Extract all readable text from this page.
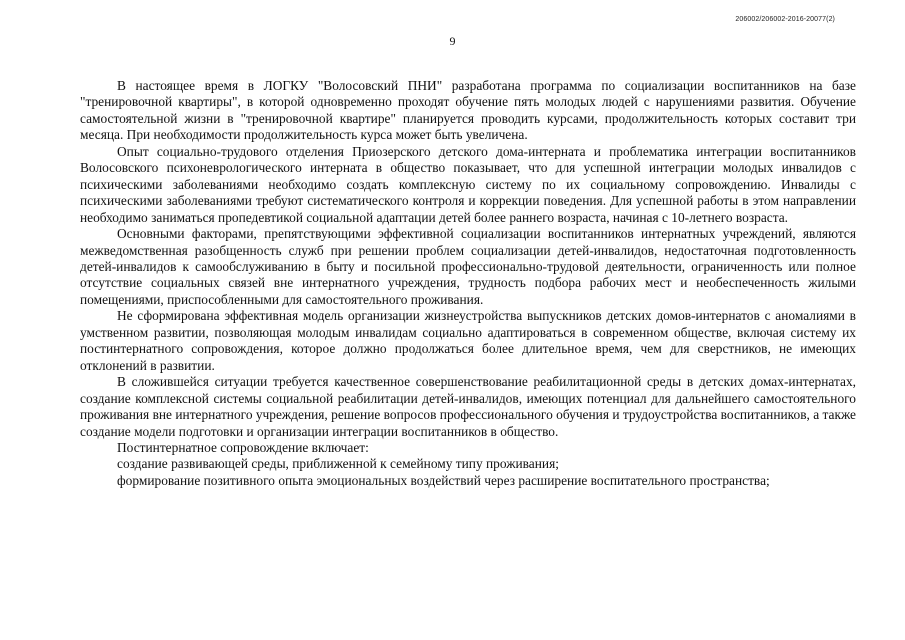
206002/206002-2016-20077(2)
9

В настоящее время в ЛОГКУ "Волосовский ПНИ" разработана программа по социализации воспитанников на базе "тренировочной квартиры", в которой одновременно проходят обучение пять молодых людей с нарушениями развития. Обучение самостоятельной жизни в "тренировочной квартире" планируется проводить курсами, продолжительность которых составит три месяца. При необходимости продолжительность курса может быть увеличена.

Опыт социально-трудового отделения Приозерского детского дома-интерната и проблематика интеграции воспитанников Волосовского психоневрологического интерната в общество показывает, что для успешной интеграции молодых инвалидов с психическими заболеваниями необходимо создать комплексную систему по их социальному сопровождению. Инвалиды с психическими заболеваниями требуют систематического контроля и коррекции поведения. Для успешной работы в этом направлении необходимо заниматься пропедевтикой социальной адаптации детей более раннего возраста, начиная с 10-летнего возраста.

Основными факторами, препятствующими эффективной социализации воспитанников интернатных учреждений, являются межведомственная разобщенность служб при решении проблем социализации детей-инвалидов, недостаточная подготовленность детей-инвалидов к самообслуживанию в быту и посильной профессионально-трудовой деятельности, ограниченность или полное отсутствие социальных связей вне интернатного учреждения, трудность подбора рабочих мест и необеспеченность жилыми помещениями, приспособленными для самостоятельного проживания.

Не сформирована эффективная модель организации жизнеустройства выпускников детских домов-интернатов с аномалиями в умственном развитии, позволяющая молодым инвалидам социально адаптироваться в современном обществе, включая систему их постинтернатного сопровождения, которое должно продолжаться более длительное время, чем для сверстников, не имеющих отклонений в развитии.

В сложившейся ситуации требуется качественное совершенствование реабилитационной среды в детских домах-интернатах, создание комплексной системы социальной реабилитации детей-инвалидов, имеющих потенциал для дальнейшего самостоятельного проживания вне интернатного учреждения, решение вопросов профессионального обучения и трудоустройства воспитанников, а также создание модели подготовки и организации интеграции воспитанников в общество.

Постинтернатное сопровождение включает:

создание развивающей среды, приближенной к семейному типу проживания;

формирование позитивного опыта эмоциональных воздействий через расширение воспитательного пространства;
